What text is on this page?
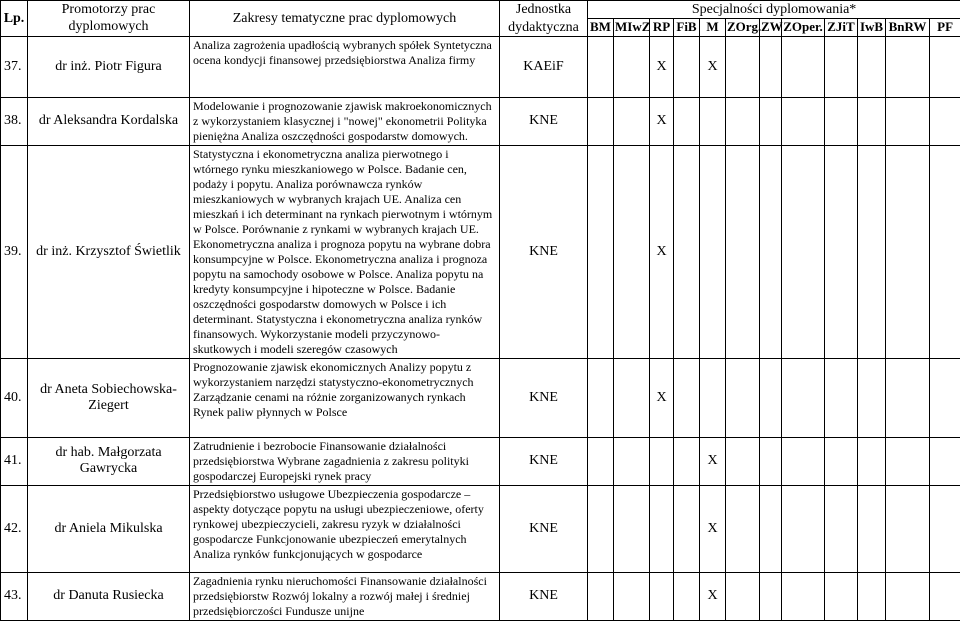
Lp.	Promotorzy prac
dyplomowych	Zakresy tematyczne prac dyplomowych	Jednostka	Specjalności dyplomowania*											
			dydaktyczna	BM	MIwZ	RP	FiB	M	ZOrg.	ZW	ZOper.	ZJiT	IwB	BnRW	PF
37.	dr inż. Piotr Figura	Analiza zagrożenia upadłością wybranych spółek Syntetyczna ocena kondycji finansowej przedsiębiorstwa Analiza firmy	KAEiF			X		X							
38.	dr Aleksandra Kordalska	Modelowanie i prognozowanie zjawisk makroekonomicznych z wykorzystaniem klasycznej i "nowej" ekonometrii Polityka pieniężna Analiza oszczędności gospodarstw domowych.	KNE			X									
39.	dr inż. Krzysztof Świetlik	Statystyczna i ekonometryczna analiza pierwotnego i wtórnego rynku mieszkaniowego w Polsce. Badanie cen, podaży i popytu. Analiza porównawcza rynków mieszkaniowych w wybranych krajach UE. Analiza cen mieszkań i ich determinant na rynkach pierwotnym i wtórnym w Polsce. Porównanie z rynkami w wybranych krajach UE. Ekonometryczna analiza i prognoza popytu na wybrane dobra konsumpcyjne w Polsce. Ekonometryczna analiza i prognoza popytu na samochody osobowe w Polsce. Analiza popytu na kredyty konsumpcyjne i hipoteczne w Polsce. Badanie oszczędności gospodarstw domowych w Polsce i ich determinant. Statystyczna i ekonometryczna analiza rynków finansowych. Wykorzystanie modeli przyczynowo-skutkowych i modeli szeregów czasowych	KNE			X									
40.	dr Aneta Sobiechowska-Ziegert	Prognozowanie zjawisk ekonomicznych Analizy popytu z wykorzystaniem narzędzi statystyczno-ekonometrycznych Zarządzanie cenami na różnie zorganizowanych rynkach Rynek paliw płynnych w Polsce	KNE			X									
41.	dr hab. Małgorzata Gawrycka	Zatrudnienie i bezrobocie Finansowanie działalności przedsiębiorstwa Wybrane zagadnienia z zakresu polityki gospodarczej Europejski rynek pracy	KNE					X							
42.	dr Aniela Mikulska	Przedsiębiorstwo usługowe Ubezpieczenia gospodarcze – aspekty dotyczące popytu na usługi ubezpieczeniowe, oferty rynkowej ubezpieczycieli, zakresu ryzyk w działalności gospodarcze Funkcjonowanie ubezpieczeń emerytalnych Analiza rynków funkcjonujących w gospodarce	KNE					X							
43.	dr Danuta Rusiecka	Zagadnienia rynku nieruchomości Finansowanie działalności przedsiębiorstw Rozwój lokalny a rozwój małej i średniej przedsiębiorczości Fundusze unijne	KNE					X							
